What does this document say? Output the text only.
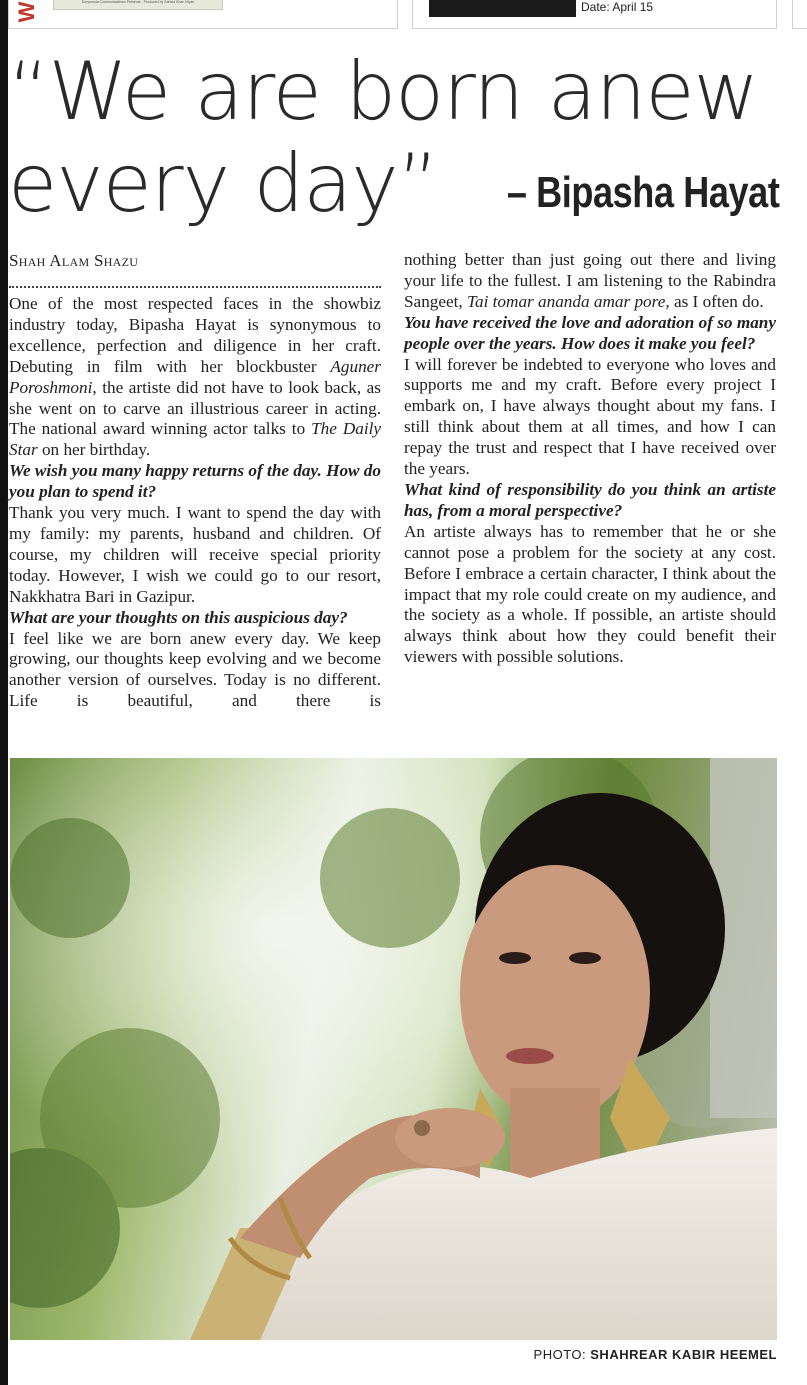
W	Durynmula Communications Presents · Produced by Sahela Khan Niyan	Date: April 15
“We are born anew
every day”	– Bipasha Hayat
Shah Alam Shazu

One of the most respected faces in the showbiz industry today, Bipasha Hayat is synonymous to excellence, perfection and diligence in her craft. Debuting in film with her blockbuster Aguner Poroshmoni, the artiste did not have to look back, as she went on to carve an illustrious career in acting. The national award winning actor talks to The Daily Star on her birthday.

We wish you many happy returns of the day. How do you plan to spend it?

Thank you very much. I want to spend the day with my family: my parents, husband and children. Of course, my children will receive special priority today. However, I wish we could go to our resort, Nakkhatra Bari in Gazipur.

What are your thoughts on this auspicious day?

I feel like we are born anew every day. We keep growing, our thoughts keep evolving and we become another version of ourselves. Today is no different. Life is beautiful, and there is

nothing better than just going out there and living your life to the fullest. I am listening to the Rabindra Sangeet, Tai tomar ananda amar pore, as I often do.

You have received the love and adoration of so many people over the years. How does it make you feel?

I will forever be indebted to everyone who loves and supports me and my craft. Before every project I embark on, I have always thought about my fans. I still think about them at all times, and how I can repay the trust and respect that I have received over the years.

What kind of responsibility do you think an artiste has, from a moral perspective?

An artiste always has to remember that he or she cannot pose a problem for the society at any cost. Before I embrace a certain character, I think about the impact that my role could create on my audience, and the society as a whole. If possible, an artiste should always think about how they could benefit their viewers with possible solutions.

PHOTO: SHAHREAR KABIR HEEMEL
